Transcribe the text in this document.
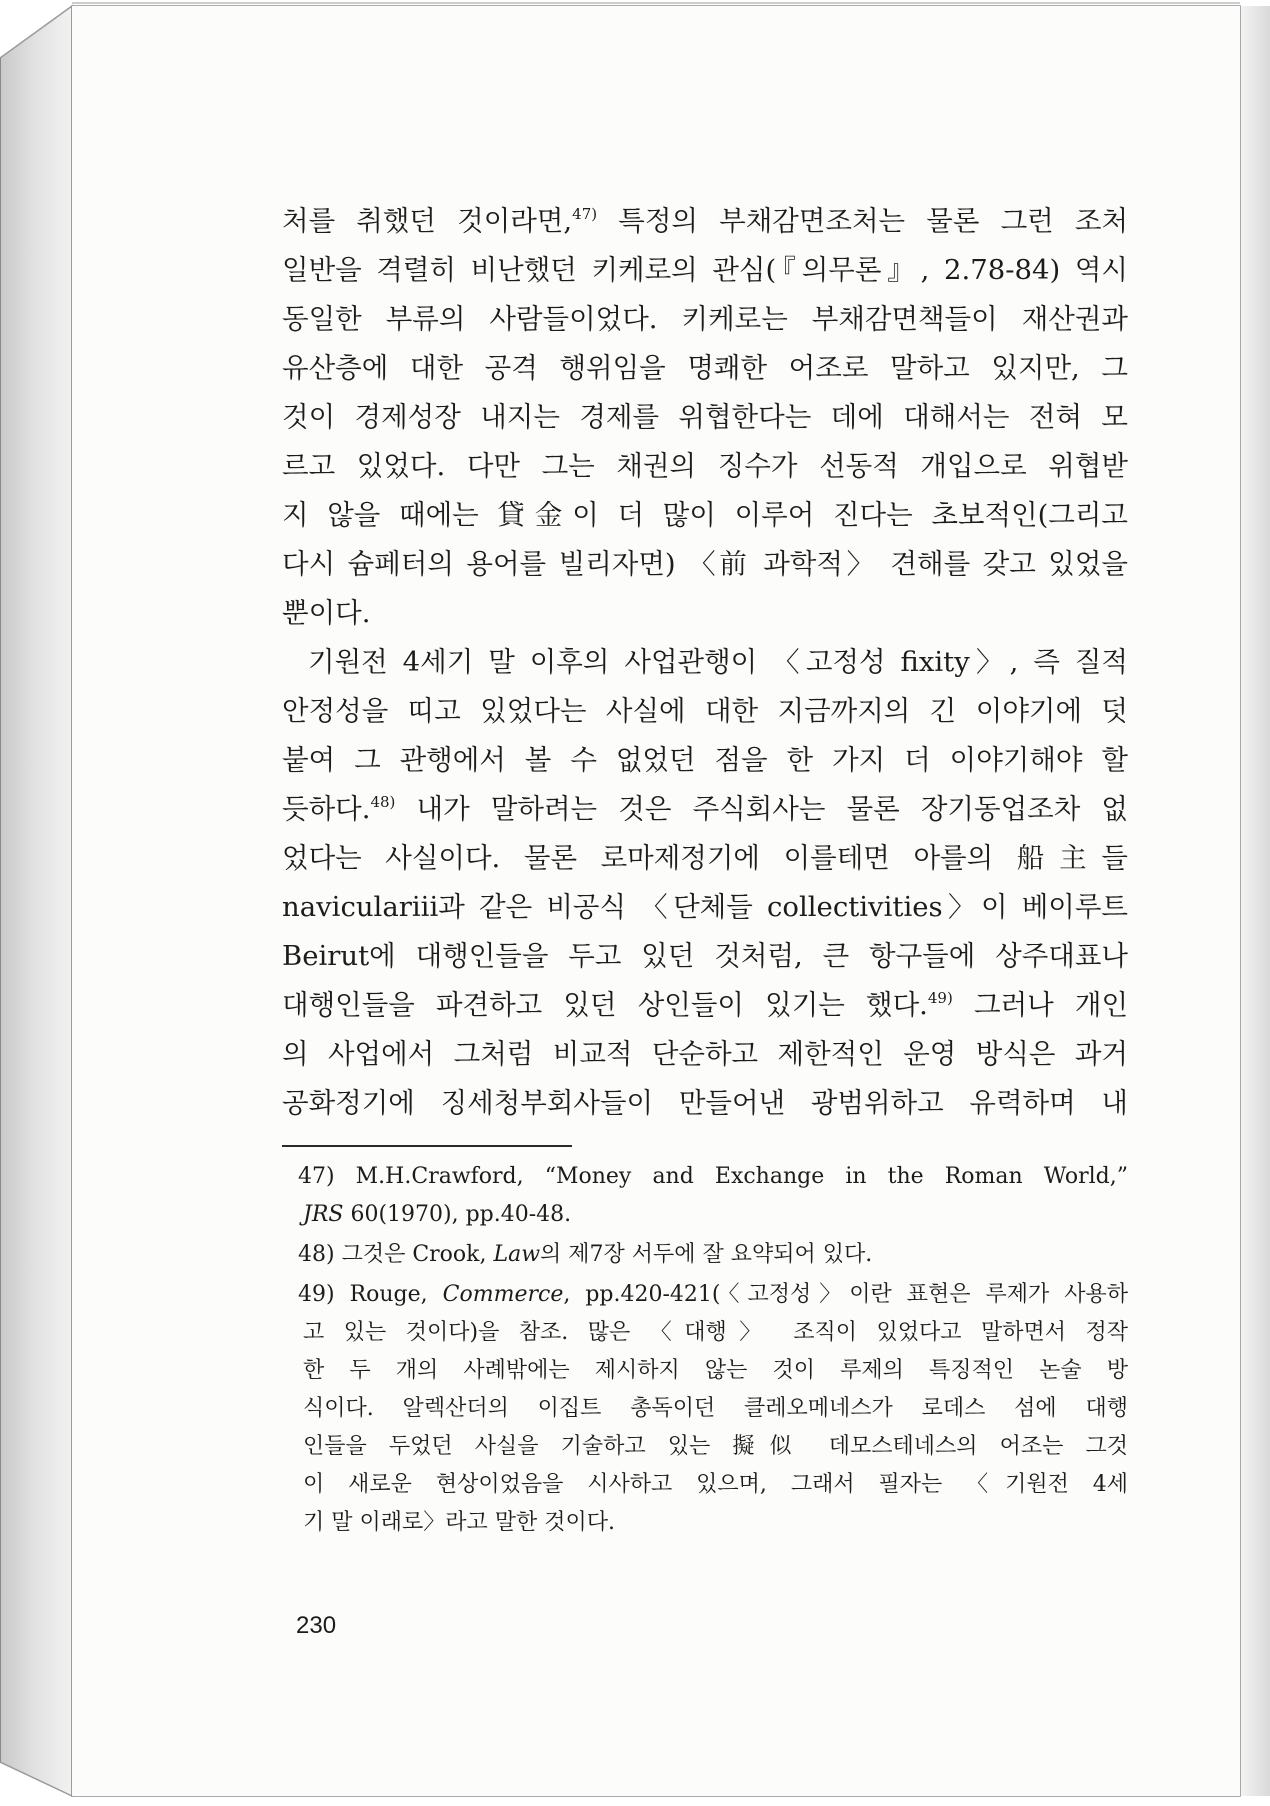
처를 취했던 것이라면,$^{47)}$ 특정의 부채감면조처는 물론 그런 조처
일반을 격렬히 비난했던 키케로의 관심(『의무론』, 2.78-84) 역시
동일한 부류의 사람들이었다. 키케로는 부채감면책들이 재산권과
유산층에 대한 공격 행위임을 명쾌한 어조로 말하고 있지만, 그
것이 경제성장 내지는 경제를 위협한다는 데에 대해서는 전혀 모
르고 있었다. 다만 그는 채권의 징수가 선동적 개입으로 위협받
지 않을 때에는 貸金이 더 많이 이루어 진다는 초보적인(그리고
다시 슘페터의 용어를 빌리자면) 〈前 과학적〉 견해를 갖고 있었을
뿐이다.
기원전 4세기 말 이후의 사업관행이 〈고정성 fixity〉, 즉 질적
안정성을 띠고 있었다는 사실에 대한 지금까지의 긴 이야기에 덧
붙여 그 관행에서 볼 수 없었던 점을 한 가지 더 이야기해야 할
듯하다.$^{48)}$ 내가 말하려는 것은 주식회사는 물론 장기동업조차 없
었다는 사실이다. 물론 로마제정기에 이를테면 아를의 船主들
naviculariii과 같은 비공식 〈단체들 collectivities〉이 베이루트
Beirut에 대행인들을 두고 있던 것처럼, 큰 항구들에 상주대표나
대행인들을 파견하고 있던 상인들이 있기는 했다.$^{49)}$ 그러나 개인
의 사업에서 그처럼 비교적 단순하고 제한적인 운영 방식은 과거
공화정기에 징세청부회사들이 만들어낸 광범위하고 유력하며 내
47) M.H.Crawford, “Money and Exchange in the Roman World,”
JRS 60(1970), pp.40-48.
48) 그것은 Crook, Law의 제7장 서두에 잘 요약되어 있다.
49) Rouge, Commerce, pp.420-421(〈고정성〉이란 표현은 루제가 사용하
고 있는 것이다)을 참조. 많은 〈대행〉 조직이 있었다고 말하면서 정작
한 두 개의 사례밖에는 제시하지 않는 것이 루제의 특징적인 논술 방
식이다. 알렉산더의 이집트 총독이던 클레오메네스가 로데스 섬에 대행
인들을 두었던 사실을 기술하고 있는 擬似 데모스테네스의 어조는 그것
이 새로운 현상이었음을 시사하고 있으며, 그래서 필자는 〈기원전 4세
기 말 이래로〉라고 말한 것이다.
230
